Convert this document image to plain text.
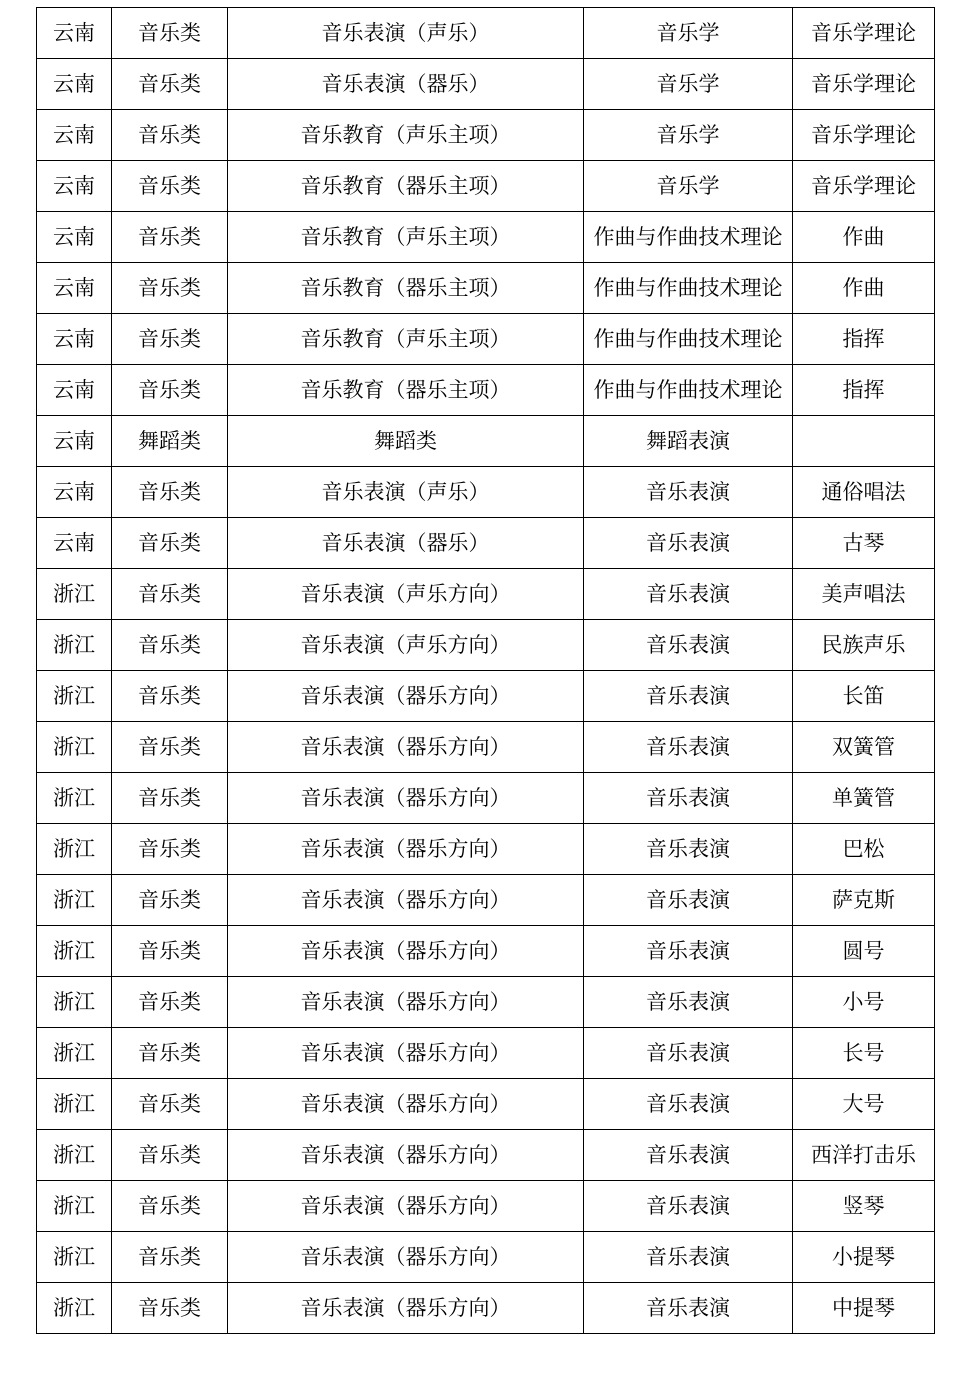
云南	音乐类	音乐表演（声乐）	音乐学	音乐学理论
云南	音乐类	音乐表演（器乐）	音乐学	音乐学理论
云南	音乐类	音乐教育（声乐主项）	音乐学	音乐学理论
云南	音乐类	音乐教育（器乐主项）	音乐学	音乐学理论
云南	音乐类	音乐教育（声乐主项）	作曲与作曲技术理论	作曲
云南	音乐类	音乐教育（器乐主项）	作曲与作曲技术理论	作曲
云南	音乐类	音乐教育（声乐主项）	作曲与作曲技术理论	指挥
云南	音乐类	音乐教育（器乐主项）	作曲与作曲技术理论	指挥
云南	舞蹈类	舞蹈类	舞蹈表演	
云南	音乐类	音乐表演（声乐）	音乐表演	通俗唱法
云南	音乐类	音乐表演（器乐）	音乐表演	古琴
浙江	音乐类	音乐表演（声乐方向）	音乐表演	美声唱法
浙江	音乐类	音乐表演（声乐方向）	音乐表演	民族声乐
浙江	音乐类	音乐表演（器乐方向）	音乐表演	长笛
浙江	音乐类	音乐表演（器乐方向）	音乐表演	双簧管
浙江	音乐类	音乐表演（器乐方向）	音乐表演	单簧管
浙江	音乐类	音乐表演（器乐方向）	音乐表演	巴松
浙江	音乐类	音乐表演（器乐方向）	音乐表演	萨克斯
浙江	音乐类	音乐表演（器乐方向）	音乐表演	圆号
浙江	音乐类	音乐表演（器乐方向）	音乐表演	小号
浙江	音乐类	音乐表演（器乐方向）	音乐表演	长号
浙江	音乐类	音乐表演（器乐方向）	音乐表演	大号
浙江	音乐类	音乐表演（器乐方向）	音乐表演	西洋打击乐
浙江	音乐类	音乐表演（器乐方向）	音乐表演	竖琴
浙江	音乐类	音乐表演（器乐方向）	音乐表演	小提琴
浙江	音乐类	音乐表演（器乐方向）	音乐表演	中提琴
